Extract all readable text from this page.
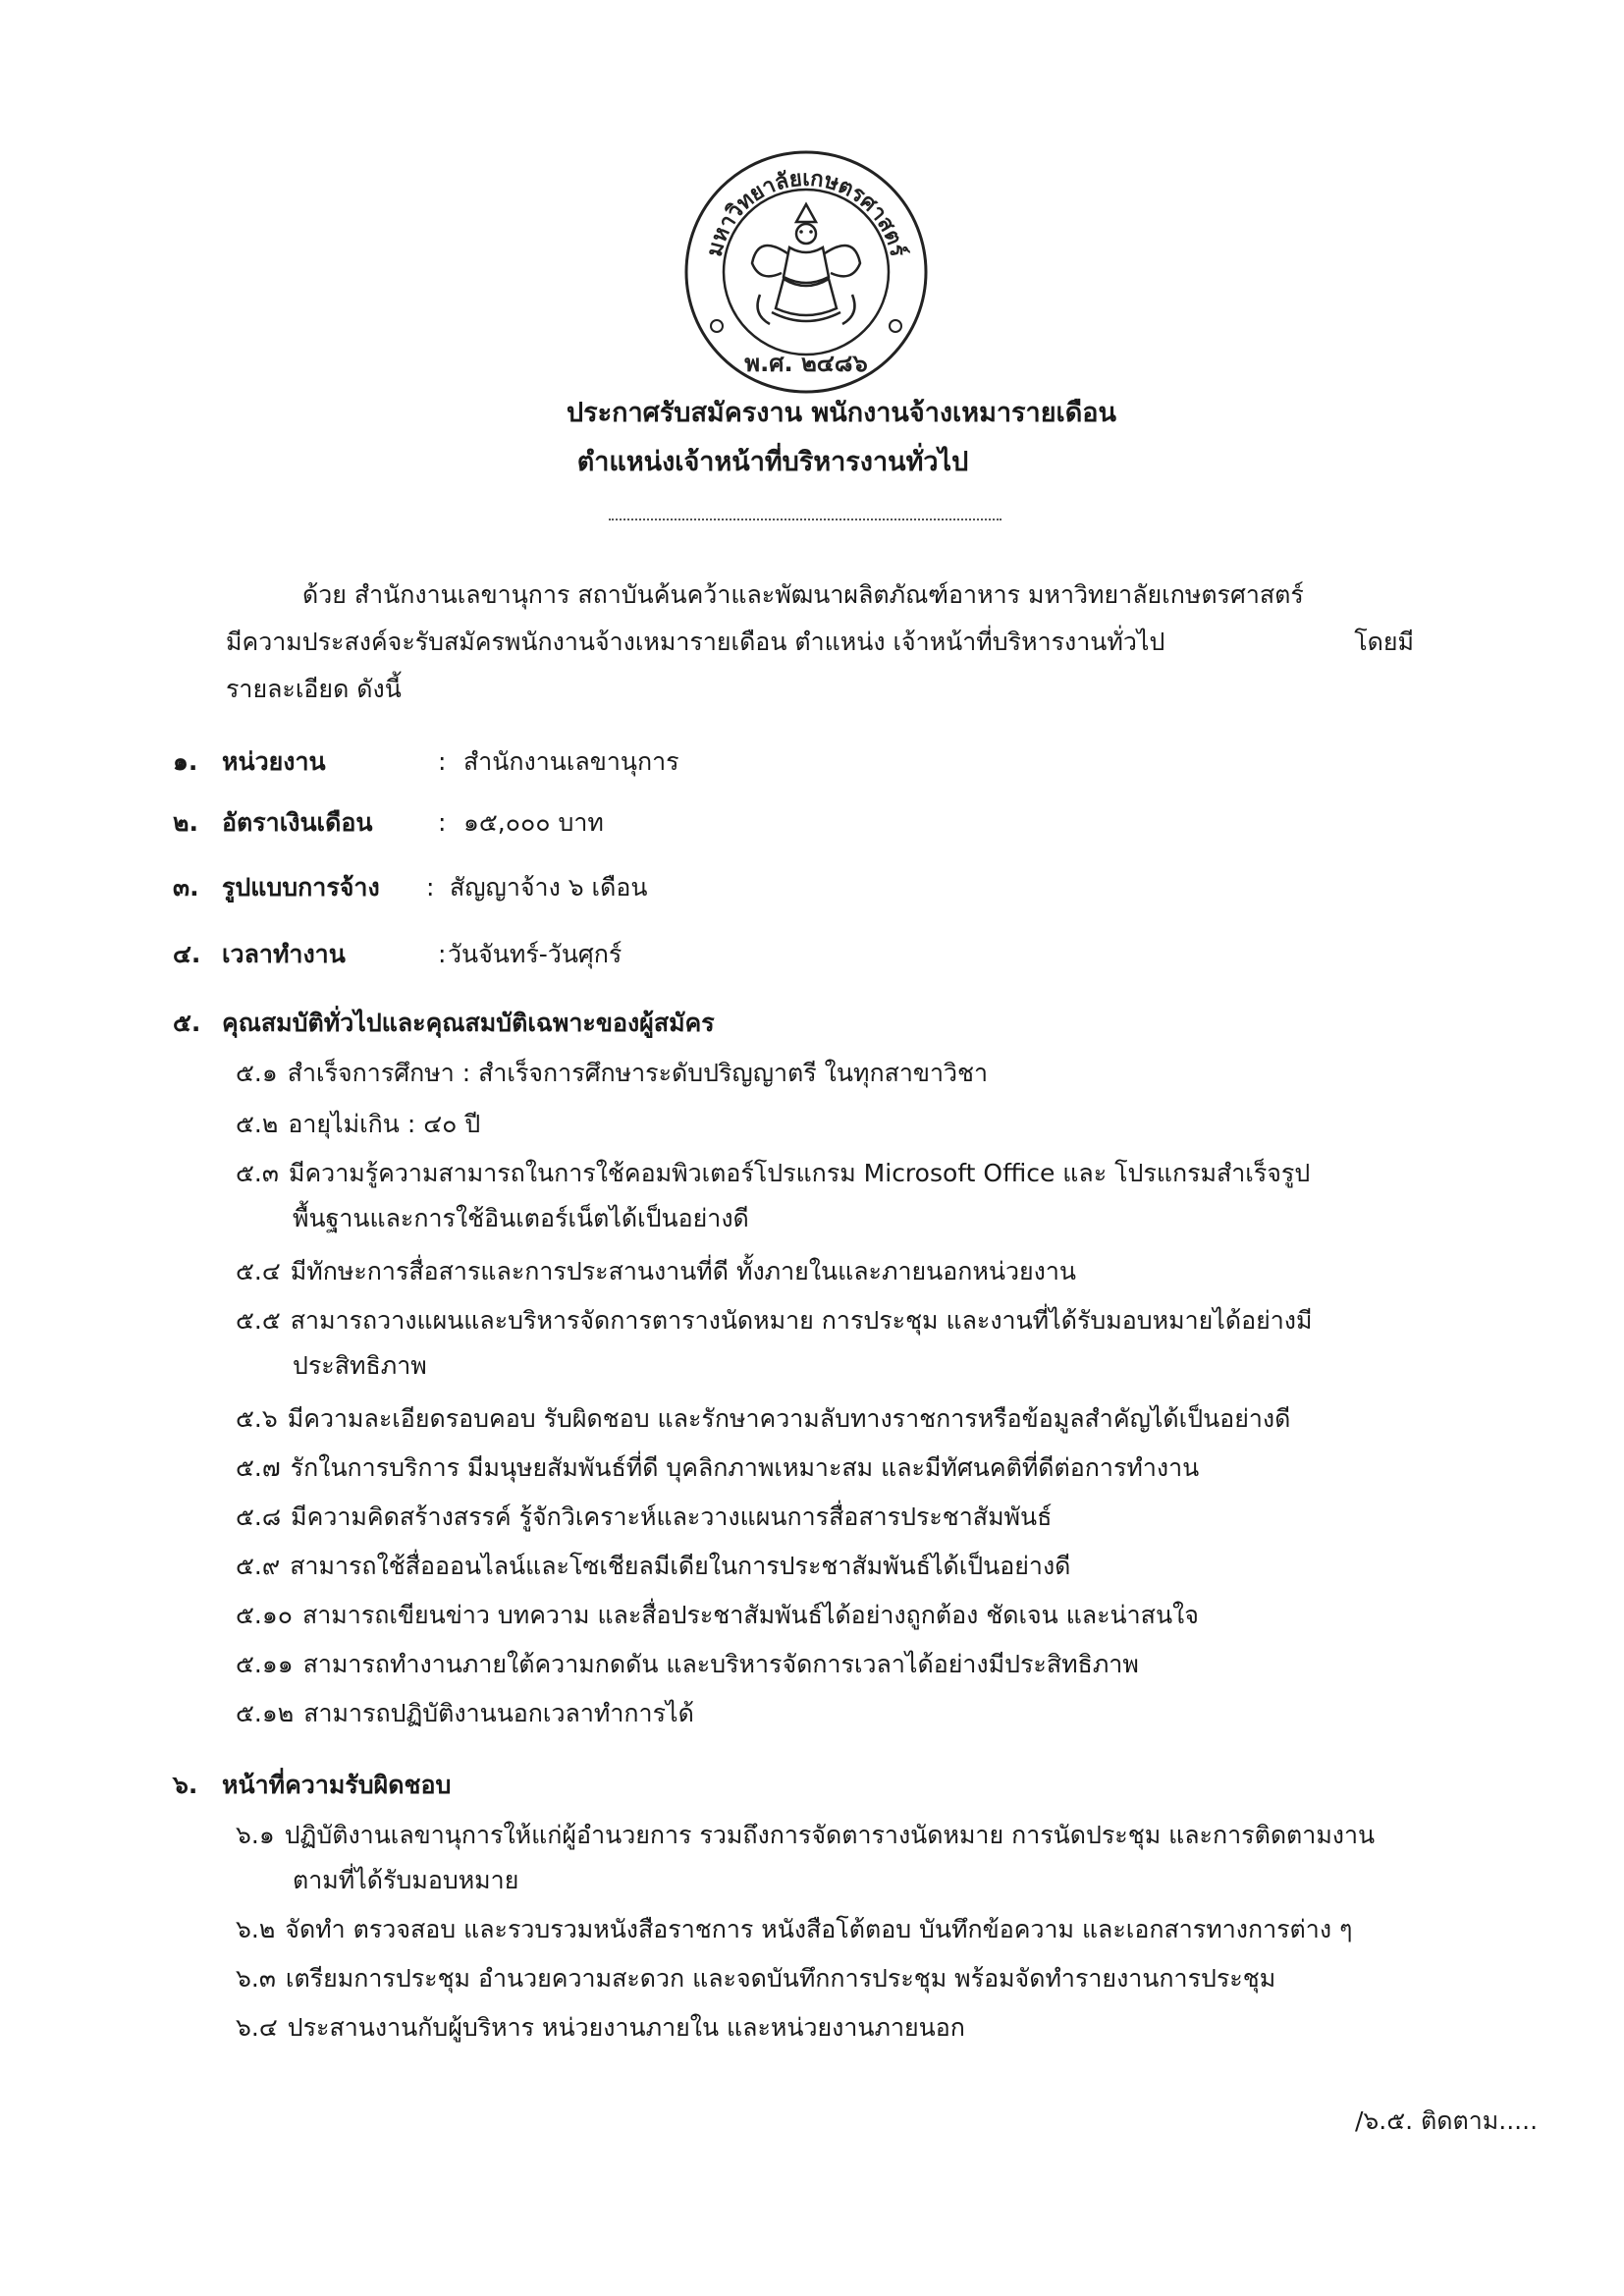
มหาวิทยาลัยเกษตรศาสตร์
พ.ศ. ๒๔๘๖
ประกาศรับสมัครงาน พนักงานจ้างเหมารายเดือน
ตำแหน่งเจ้าหน้าที่บริหารงานทั่วไป
ด้วย สำนักงานเลขานุการ สถาบันค้นคว้าและพัฒนาผลิตภัณฑ์อาหาร มหาวิทยาลัยเกษตรศาสตร์
มีความประสงค์จะรับสมัครพนักงานจ้างเหมารายเดือน ตำแหน่ง เจ้าหน้าที่บริหารงานทั่วไป	โดยมี
รายละเอียด ดังนี้
๑. หน่วยงาน	: สำนักงานเลขานุการ
๒. อัตราเงินเดือน	: ๑๕,๐๐๐ บาท
๓. รูปแบบการจ้าง : สัญญาจ้าง ๖ เดือน
๔. เวลาทำงาน	: วันจันทร์-วันศุกร์
๕. คุณสมบัติทั่วไปและคุณสมบัติเฉพาะของผู้สมัคร
๕.๑ สำเร็จการศึกษา : สำเร็จการศึกษาระดับปริญญาตรี ในทุกสาขาวิชา
๕.๒ อายุไม่เกิน : ๔๐ ปี
๕.๓ มีความรู้ความสามารถในการใช้คอมพิวเตอร์โปรแกรม Microsoft Office และ โปรแกรมสำเร็จรูป
พื้นฐานและการใช้อินเตอร์เน็ตได้เป็นอย่างดี
๕.๔ มีทักษะการสื่อสารและการประสานงานที่ดี ทั้งภายในและภายนอกหน่วยงาน
๕.๕ สามารถวางแผนและบริหารจัดการตารางนัดหมาย การประชุม และงานที่ได้รับมอบหมายได้อย่างมี
ประสิทธิภาพ
๕.๖ มีความละเอียดรอบคอบ รับผิดชอบ และรักษาความลับทางราชการหรือข้อมูลสำคัญได้เป็นอย่างดี
๕.๗ รักในการบริการ มีมนุษยสัมพันธ์ที่ดี บุคลิกภาพเหมาะสม และมีทัศนคติที่ดีต่อการทำงาน
๕.๘ มีความคิดสร้างสรรค์ รู้จักวิเคราะห์และวางแผนการสื่อสารประชาสัมพันธ์
๕.๙ สามารถใช้สื่อออนไลน์และโซเชียลมีเดียในการประชาสัมพันธ์ได้เป็นอย่างดี
๕.๑๐ สามารถเขียนข่าว บทความ และสื่อประชาสัมพันธ์ได้อย่างถูกต้อง ชัดเจน และน่าสนใจ
๕.๑๑ สามารถทำงานภายใต้ความกดดัน และบริหารจัดการเวลาได้อย่างมีประสิทธิภาพ
๕.๑๒ สามารถปฏิบัติงานนอกเวลาทำการได้
๖. หน้าที่ความรับผิดชอบ
๖.๑ ปฏิบัติงานเลขานุการให้แก่ผู้อำนวยการ รวมถึงการจัดตารางนัดหมาย การนัดประชุม และการติดตามงาน
ตามที่ได้รับมอบหมาย
๖.๒ จัดทำ ตรวจสอบ และรวบรวมหนังสือราชการ หนังสือโต้ตอบ บันทึกข้อความ และเอกสารทางการต่าง ๆ
๖.๓ เตรียมการประชุม อำนวยความสะดวก และจดบันทึกการประชุม พร้อมจัดทำรายงานการประชุม
๖.๔ ประสานงานกับผู้บริหาร หน่วยงานภายใน และหน่วยงานภายนอก
/๖.๕. ติดตาม.....
